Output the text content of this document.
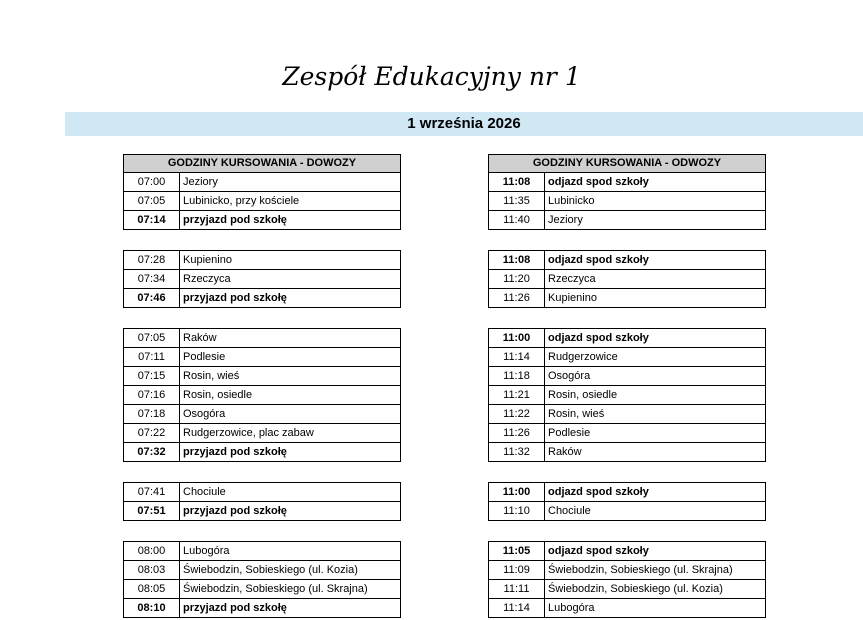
Zespół Edukacyjny nr 1
1 września 2026
GODZINY KURSOWANIA - DOWOZY
07:00	Jeziory
07:05	Lubinicko, przy kościele
07:14	przyjazd pod szkołę
07:28	Kupienino
07:34	Rzeczyca
07:46	przyjazd pod szkołę
07:05	Raków
07:11	Podlesie
07:15	Rosin, wieś
07:16	Rosin, osiedle
07:18	Osogóra
07:22	Rudgerzowice, plac zabaw
07:32	przyjazd pod szkołę
07:41	Chociule
07:51	przyjazd pod szkołę
08:00	Lubogóra
08:03	Świebodzin, Sobieskiego (ul. Kozia)
08:05	Świebodzin, Sobieskiego (ul. Skrajna)
08:10	przyjazd pod szkołę
GODZINY KURSOWANIA - ODWOZY
11:08	odjazd spod szkoły
11:35	Lubinicko
11:40	Jeziory
11:08	odjazd spod szkoły
11:20	Rzeczyca
11:26	Kupienino
11:00	odjazd spod szkoły
11:14	Rudgerzowice
11:18	Osogóra
11:21	Rosin, osiedle
11:22	Rosin, wieś
11:26	Podlesie
11:32	Raków
11:00	odjazd spod szkoły
11:10	Chociule
11:05	odjazd spod szkoły
11:09	Świebodzin, Sobieskiego (ul. Skrajna)
11:11	Świebodzin, Sobieskiego (ul. Kozia)
11:14	Lubogóra
